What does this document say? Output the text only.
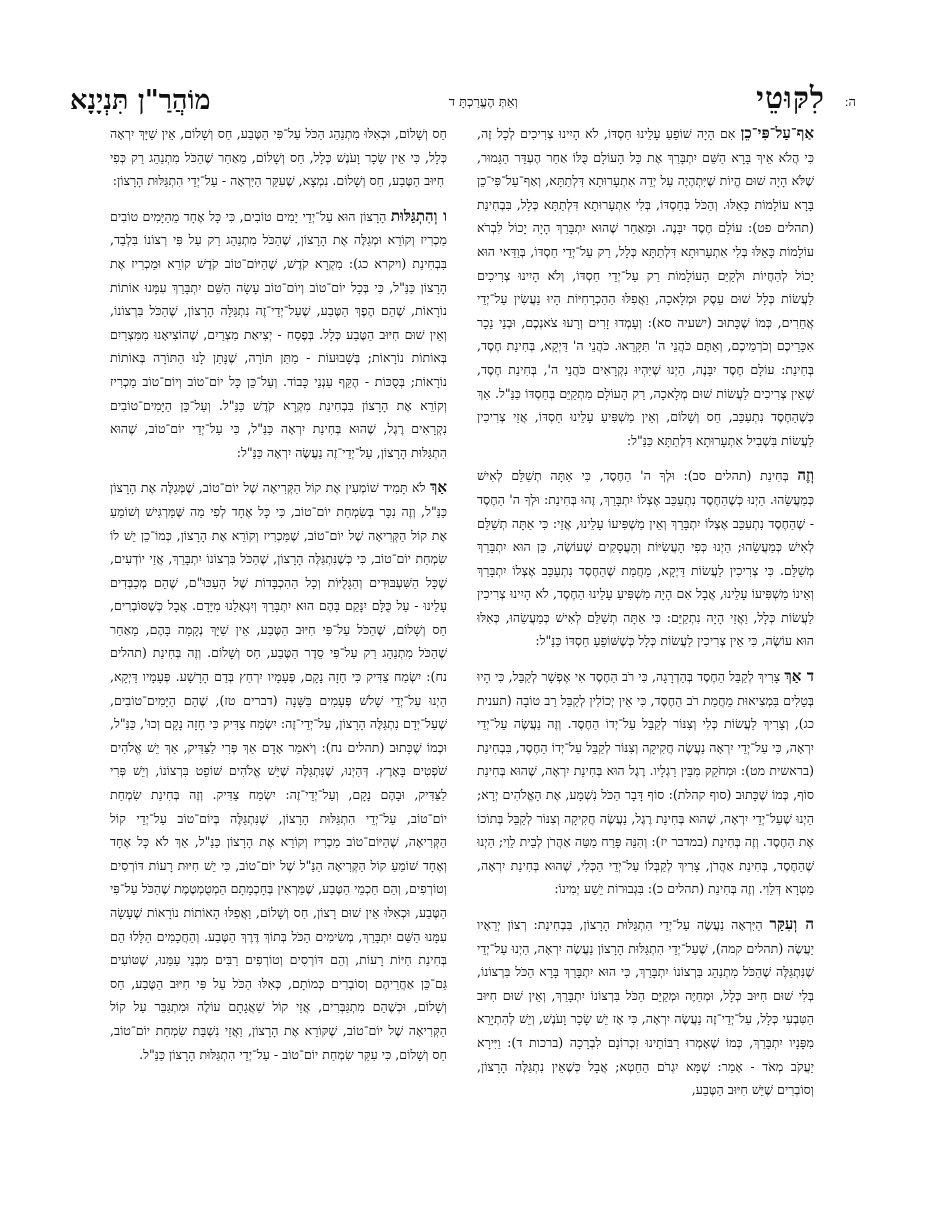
ה:
לִקּוּטֵי
וְאַתְּ הֶעֱרַכְתָּ ד
מוֹהֲרַ"ן תִּנְיָנָא

אַף־עַל־פִּי־כֵן אִם הָיָה שׁוֹפֵעַ עָלֵינוּ חַסְדּוֹ, לֹא הָיִינוּ צְרִיכִים לְכָל זֶה, כִּי הֲלֹא אֵיךְ בָּרָא הַשֵּׁם יִתְבָּרַךְ אֶת כָּל הָעוֹלָם כֻּלּוֹ אַחַר הֶעְדֵּר הַגָּמוּר, שֶׁלֹּא הָיָה שׁוּם הֱיוֹת שֶׁיִּתְהֶיֶה עַל יְדֵה אִתְעָרוּתָא דִּלְתַתָּא, וְאַף־עַל־פִּי־כֵן בָּרָא עוֹלָמוֹת כָּאֵלּוּ. וְהַכֹּל בְּחַסְדּוֹ, בְּלִי אִתְעָרוּתָא דִּלְתַתָּא כְּלָל, בִּבְחִינַת (תהלים פט): עוֹלָם חֶסֶד יִבָּנֶה. וּמֵאַחַר שֶׁהוּא יִתְבָּרַךְ הָיָה יָכוֹל לִבְרֹא עוֹלָמוֹת כָּאֵלּוּ בְּלִי אִתְעָרוּתָא דִּלְתַתָּא כְּלָל, רַק עַל־יְדֵי חַסְדּוֹ, בְּוַדַּאי הוּא יָכוֹל לְהַחֲיוֹת וּלְקַיֵּם הָעוֹלָמוֹת רַק עַל־יְדֵי חַסְדּוֹ, וְלֹא הָיִינוּ צְרִיכִים לַעֲשׂוֹת כְּלָל שׁוּם עֵסֶק וּמְלָאכָה, וַאֲפִלּוּ הַהַכְרָחִיּוֹת הָיוּ נַעֲשִׂין עַל־יְדֵי אֲחֵרִים, כְּמוֹ שֶׁכָּתוּב (ישעיה סא): וְעָמְדוּ זָרִים וְרָעוּ צֹאנְכֶם, וּבְנֵי נֵכָר אִכָּרֵיכֶם וְכֹרְמֵיכֶם, וְאַתֶּם כֹּהֲנֵי ה' תִּקָּרֵאוּ. כֹּהֲנֵי ה' דַּיְקָא, בְּחִינַת חֶסֶד, בְּחִינַת: עוֹלָם חֶסֶד יִבָּנֶה, הַיְנוּ שֶׁיִּהְיוּ נִקְרָאִים כֹּהֲנֵי ה', בְּחִינַת חֶסֶד, שֶׁאֵין צְרִיכִים לַעֲשׂוֹת שׁוּם מְלָאכָה, רַק הָעוֹלָם מִתְקַיֵּם בְּחַסְדּוֹ כַּנַּ"ל. אַךְ כְּשֶׁהַחֶסֶד נִתְעַכֵּב, חַס וְשָׁלוֹם, וְאֵין מַשְׁפִּיעַ עָלֵינוּ חַסְדּוֹ, אֲזַי צְרִיכִין לַעֲשׂוֹת בִּשְׁבִיל אִתְעָרוּתָא דִּלְתַתָּא כַּנַּ"ל:

וְזֶה בְּחִינַת (תהלים סב): וּלְךָ ה' הַחֶסֶד, כִּי אַתָּה תְשַׁלֵּם לְאִישׁ כְּמַעֲשֵׂהוּ. הַיְנוּ כְּשֶׁהַחֶסֶד נִתְעַכֵּב אֶצְלוֹ יִתְבָּרַךְ, זֶהוּ בְּחִינַת: וּלְךָ ה' הַחֶסֶד - שֶׁהַחֶסֶד נִתְעַכֵּב אֶצְלוֹ יִתְבָּרַךְ וְאֵין מַשְׁפִּיעוֹ עָלֵינוּ, אֲזַי: כִּי אַתָּה תְשַׁלֵּם לְאִישׁ כְּמַעֲשֵׂהוּ; הַיְנוּ כְּפִי הָעֲשִׂיּוֹת וְהָעֲסָקִים שֶׁעוֹשֶׂה, כֵּן הוּא יִתְבָּרַךְ מְשַׁלֵּם. כִּי צְרִיכִין לַעֲשׂוֹת דַּיְקָא, מֵחֲמַת שֶׁהַחֶסֶד נִתְעַכֵּב אֶצְלוֹ יִתְבָּרַךְ וְאֵינוֹ מַשְׁפִּיעוֹ עָלֵינוּ, אֲבָל אִם הָיָה מַשְׁפִּיעַ עָלֵינוּ הַחֶסֶד, לֹא הָיִינוּ צְרִיכִין לַעֲשׂוֹת כְּלָל, וַאֲזַי הָיָה נִתְקַיֵּם: כִּי אַתָּה תְשַׁלֵּם לְאִישׁ כְּמַעֲשֵׂהוּ, כְּאִלּוּ הוּא עוֹשֶׂה, כִּי אֵין צְרִיכִין לַעֲשׂוֹת כְּלָל כְּשֶׁשּׁוֹפֵעַ חַסְדּוֹ כַּנַּ"ל:

ד אַךְ צָרִיךְ לְקַבֵּל הַחֶסֶד בְּהַדְרָגָה, כִּי רֹב הַחֶסֶד אִי אֶפְשָׁר לְקַבֵּל, כִּי הָיוּ בְּטֵלִים בִּמְצִיאוּת מֵחֲמַת רֹב הַחֶסֶד, כִּי אֵין יְכוֹלִין לְקַבֵּל רַב טוֹבָה (תענית כג), וְצָרִיךְ לַעֲשׂוֹת כְּלִי וְצִנּוֹר לְקַבֵּל עַל־יְדוֹ הַחֶסֶד. וְזֶה נַעֲשֶׂה עַל־יְדֵי יִרְאָה, כִּי עַל־יְדֵי יִרְאָה נַעֲשֶׂה חֲקִיקָה וְצִנּוֹר לְקַבֵּל עַל־יְדוֹ הַחֶסֶד, בִּבְחִינַת (בראשית מט): וּמְחֹקֵק מִבֵּין רַגְלָיו. רֶגֶל הוּא בְּחִינַת יִרְאָה, שֶׁהוּא בְּחִינַת סוֹף, כְּמוֹ שֶׁכָּתוּב (סוף קהלת): סוֹף דָּבָר הַכֹּל נִשְׁמָע, אֶת הָאֱלֹהִים יְרָא; הַיְנוּ שֶׁעַל־יְדֵי יִרְאָה, שֶׁהוּא בְּחִינַת רֶגֶל, נַעֲשֶׂה חֲקִיקָה וְצִנּוֹר לְקַבֵּל בְּתוֹכוֹ אֶת הַחֶסֶד. וְזֶה בְּחִינַת (במדבר יז): וְהִנֵּה פָּרַח מַטֵּה אַהֲרֹן לְבֵית לֵוִי; הַיְנוּ שֶׁהַחֶסֶד, בְּחִינַת אַהֲרֹן, צָרִיךְ לְקַבְּלוֹ עַל־יְדֵי הַכְּלִי, שֶׁהוּא בְּחִינַת יִרְאָה, מַטְרָא דְּלֵוִי. וְזֶה בְּחִינַת (תהלים כ): בִּגְבוּרוֹת יֵשַׁע יְמִינוֹ:

ה וְעִקַּר הַיִּרְאָה נַעֲשֶׂה עַל־יְדֵי הִתְגַּלּוּת הָרָצוֹן, בִּבְחִינַת: רְצוֹן יְרֵאָיו יַעֲשֶׂה (תהלים קמה), שֶׁעַל־יְדֵי הִתְגַּלּוּת הָרָצוֹן נַעֲשֶׂה יִרְאָה, הַיְנוּ עַל־יְדֵי שֶׁנִּתְגַּלֶּה שֶׁהַכֹּל מִתְנַהֵג בִּרְצוֹנוֹ יִתְבָּרַךְ, כִּי הוּא יִתְבָּרַךְ בָּרָא הַכֹּל בִּרְצוֹנוֹ, בְּלִי שׁוּם חִיּוּב כְּלָל, וּמְחַיֶּה וּמְקַיֵּם הַכֹּל בִּרְצוֹנוֹ יִתְבָּרַךְ, וְאֵין שׁוּם חִיּוּב הַטִּבְעִי כְּלָל, עַל־יְדֵי־זֶה נַעֲשֶׂה יִרְאָה, כִּי אָז יֵשׁ שָׂכָר וָעֹנֶשׁ, וְיֵשׁ לְהִתְיָרֵא מִפָּנָיו יִתְבָּרַךְ, כְּמוֹ שֶׁאָמְרוּ רַבּוֹתֵינוּ זִכְרוֹנָם לִבְרָכָה (ברכות ד): וַיִּירָא יַעֲקֹב מְאֹד - אָמַר: שֶׁמָּא יִגְרֹם הַחֵטְא; אֲבָל כְּשֶׁאֵין נִתְגַּלֶּה הָרָצוֹן, וְסוֹבְרִים שֶׁיֵּשׁ חִיּוּב הַטֶּבַע,

חַס וְשָׁלוֹם, וּכְאִלּוּ מִתְנַהֵג הַכֹּל עַל־פִּי הַטֶּבַע, חַס וְשָׁלוֹם, אֵין שַׁיָּךְ יִרְאָה כְּלָל, כִּי אֵין שָׂכָר וָעֹנֶשׁ כְּלָל, חַס וְשָׁלוֹם, מֵאַחַר שֶׁהַכֹּל מִתְנַהֵג רַק כְּפִי חִיּוּב הַטֶּבַע, חַס וְשָׁלוֹם. נִמְצָא, שֶׁעִקַּר הַיִּרְאָה - עַל־יְדֵי הִתְגַּלּוּת הָרָצוֹן:

ו וְהִתְגַּלּוּת הָרָצוֹן הוּא עַל־יְדֵי יָמִים טוֹבִים, כִּי כָּל אֶחָד מֵהַיָּמִים טוֹבִים מַכְרִיז וְקוֹרֵא וּמְגַלֶּה אֶת הָרָצוֹן, שֶׁהַכֹּל מִתְנַהֵג רַק עַל פִּי רְצוֹנוֹ בִּלְבַד, בִּבְחִינַת (ויקרא כג): מִקְרָא קֹדֶשׁ, שֶׁהַיּוֹם־טוֹב קֹדֶשׁ קוֹרֵא וּמַכְרִיז אֶת הָרָצוֹן כַּנַּ"ל, כִּי בְּכָל יוֹם־טוֹב וְיוֹם־טוֹב עָשָׂה הַשֵּׁם יִתְבָּרַךְ עִמָּנוּ אוֹתוֹת נוֹרָאוֹת, שֶׁהֵם הֶפֶךְ הַטֶּבַע, שֶׁעַל־יְדֵי־זֶה נִתְגַּלָּה הָרָצוֹן, שֶׁהַכֹּל בִּרְצוֹנוֹ, וְאֵין שׁוּם חִיּוּב הַטֶּבַע כְּלָל. בְּפֶסַח - יְצִיאַת מִצְרַיִם, שֶׁהוֹצִיאָנוּ מִמִּצְרַיִם בְּאוֹתוֹת נוֹרָאוֹת; בְּשָׁבוּעוֹת - מַתַּן תּוֹרָה, שֶׁנָּתַן לָנוּ הַתּוֹרָה בְּאוֹתוֹת נוֹרָאוֹת; בְּסֻכּוֹת - הֶקֵּף עַנְנֵי כָּבוֹד. וְעַל־כֵּן כָּל יוֹם־טוֹב וְיוֹם־טוֹב מַכְרִיז וְקוֹרֵא אֶת הָרָצוֹן בִּבְחִינַת מִקְרָא קֹדֶשׁ כַּנַּ"ל. וְעַל־כֵּן הַיָּמִים־טוֹבִים נִקְרָאִים רֶגֶל, שֶׁהוּא בְּחִינַת יִרְאָה כַּנַּ"ל, כִּי עַל־יְדֵי יוֹם־טוֹב, שֶׁהוּא הִתְגַּלּוּת הָרָצוֹן, עַל־יְדֵי־זֶה נַעֲשֶׂה יִרְאָה כַּנַּ"ל:

אַךְ לֹא תָּמִיד שׁוֹמְעִין אֶת קוֹל הַקְּרִיאָה שֶׁל יוֹם־טוֹב, שֶׁמְּגַלֶּה אֶת הָרָצוֹן כַּנַּ"ל, וְזֶה נִכָּר בְּשִׂמְחַת יוֹם־טוֹב, כִּי כָּל אֶחָד לְפִי מַה שֶּׁמַּרְגִּישׁ וְשׁוֹמֵעַ אֶת קוֹל הַקְּרִיאָה שֶׁל יוֹם־טוֹב, שֶׁמַּכְרִיז וְקוֹרֵא אֶת הָרָצוֹן, כְּמוֹ־כֵן יֵשׁ לוֹ שִׂמְחַת יוֹם־טוֹב, כִּי כְּשֶׁנִּתְגַּלֶּה הָרָצוֹן, שֶׁהַכֹּל בִּרְצוֹנוֹ יִתְבָּרַךְ, אֲזַי יוֹדְעִים, שֶׁכָּל הַשִּׁעְבּוּדִים וְהַגָּלֻיּוֹת וְכָל הַהִכְבָּדוֹת שֶׁל הָעַכּוּ"ם, שֶׁהֵם מְכַבְּדִים עָלֵינוּ - עַל כֻּלָּם יִנָּקֵם בָּהֶם הוּא יִתְבָּרַךְ וְיִגְאָלֵנוּ מִיָּדָם. אֲבָל כְּשֶׁסּוֹבְרִים, חַס וְשָׁלוֹם, שֶׁהַכֹּל עַל־פִּי חִיּוּב הַטֶּבַע, אֵין שַׁיָּךְ נְקָמָה בָּהֶם, מֵאַחַר שֶׁהַכֹּל מִתְנַהֵג רַק עַל־פִּי סֵדֶר הַטֶּבַע, חַס וְשָׁלוֹם. וְזֶה בְּחִינַת (תהלים נח): יִשְׂמַח צַדִּיק כִּי חָזָה נָקָם, פְּעָמָיו יִרְחַץ בְּדַם הָרָשָׁע. פְּעָמָיו דַּיְקָא, הַיְנוּ עַל־יְדֵי שָׁלֹשׁ פְּעָמִים בַּשָּׁנָה (דברים טז), שֶׁהֵם הַיָּמִים־טוֹבִים, שֶׁעַל־יְדָם נִתְגַּלֶּה הָרָצוֹן, עַל־יְדֵי־זֶה: יִשְׂמַח צַדִּיק כִּי חָזָה נָקָם וְכוּ', כַּנַּ"ל, וּכְמוֹ שֶׁכָּתוּב (תהלים נח): וְיֹאמַר אָדָם אַךְ פְּרִי לַצַּדִּיק, אַךְ יֵשׁ אֱלֹהִים שֹׁפְטִים בָּאָרֶץ. דְּהַיְנוּ, שֶׁנִּתְגַּלֶּה שֶׁיֵּשׁ אֱלֹהִים שׁוֹפֵט בִּרְצוֹנוֹ, וְיֵשׁ פְּרִי לַצַּדִּיק, וּבָהֶם נָקָם, וְעַל־יְדֵי־זֶה: יִשְׂמַח צַדִּיק. וְזֶה בְּחִינַת שִׂמְחַת יוֹם־טוֹב, עַל־יְדֵי הִתְגַּלּוּת הָרָצוֹן, שֶׁנִּתְגַּלֶּה בְּיוֹם־טוֹב עַל־יְדֵי קוֹל הַקְּרִיאָה, שֶׁהַיּוֹם־טוֹב מַכְרִיז וְקוֹרֵא אֶת הָרָצוֹן כַּנַּ"ל, אַךְ לֹא כָּל אֶחָד וְאֶחָד שׁוֹמֵעַ קוֹל הַקְּרִיאָה הַנַּ"ל שֶׁל יוֹם־טוֹב, כִּי יֵשׁ חִיּוּת רָעוֹת דּוֹרְסִים וְטוֹרְפִים, וְהֵם חַכְמֵי הַטֶּבַע, שֶׁמַּרְאִין בְּחָכְמָתָם הַמְטֻמְטֶמֶת שֶׁהַכֹּל עַל־פִּי הַטֶּבַע, וּכְאִלּוּ אֵין שׁוּם רָצוֹן, חַס וְשָׁלוֹם, וַאֲפִלּוּ הָאוֹתוֹת נוֹרָאוֹת שֶׁעָשָׂה עִמָּנוּ הַשֵּׁם יִתְבָּרַךְ, מְשִׂימִים הַכֹּל בְּתוֹךְ דֶּרֶךְ הַטֶּבַע. וְהַחֲכָמִים הַלָּלוּ הֵם בְּחִינַת חַיּוֹת רָעוֹת, וְהֵם דּוֹרְסִים וְטוֹרְפִים רַבִּים מִבְּנֵי עַמֵּנוּ, שֶׁטּוֹעִים גַּם־כֵּן אַחֲרֵיהֶם וְסוֹבְרִים כְּמוֹתָם, כְּאִלּוּ הַכֹּל עַל פִּי חִיּוּב הַטֶּבַע, חַס וְשָׁלוֹם, וּכְשֶׁהֵם מִתְגַּבְּרִים, אֲזַי קוֹל שַׁאֲגָתָם עוֹלֶה וּמִתְגַּבֵּר עַל קוֹל הַקְּרִיאָה שֶׁל יוֹם־טוֹב, שֶׁקּוֹרֵא אֶת הָרָצוֹן, וַאֲזַי נִשְׁבַּת שִׂמְחַת יוֹם־טוֹב, חַס וְשָׁלוֹם, כִּי עִקַּר שִׂמְחַת יוֹם־טוֹב - עַל־יְדֵי הִתְגַּלּוּת הָרָצוֹן כַּנַּ"ל.
